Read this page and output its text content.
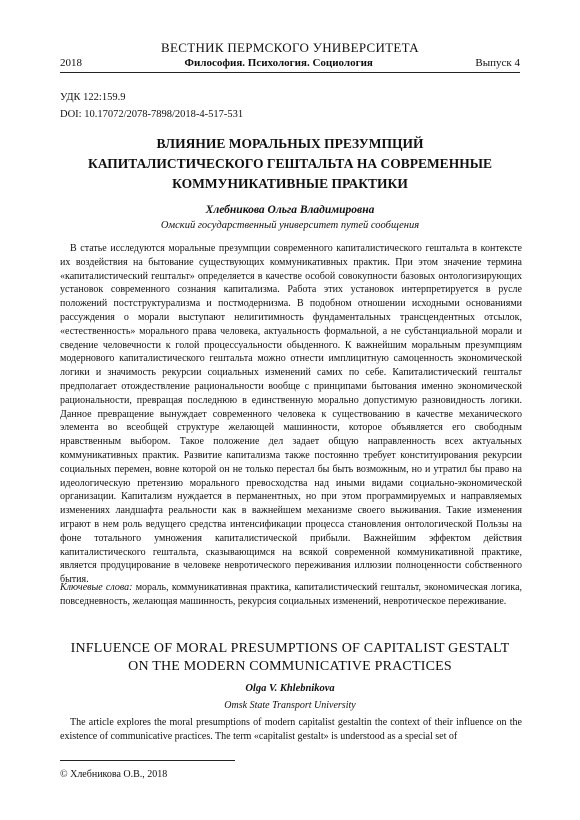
ВЕСТНИК ПЕРМСКОГО УНИВЕРСИТЕТА
2018	Философия. Психология. Социология	Выпуск 4
УДК 122:159.9
DOI: 10.17072/2078-7898/2018-4-517-531
ВЛИЯНИЕ МОРАЛЬНЫХ ПРЕЗУМПЦИЙ КАПИТАЛИСТИЧЕСКОГО ГЕШТАЛЬТА НА СОВРЕМЕННЫЕ КОММУНИКАТИВНЫЕ ПРАКТИКИ
Хлебникова Ольга Владимировна
Омский государственный университет путей сообщения

В статье исследуются моральные презумпции современного капиталистического гештальта в контексте их воздействия на бытование существующих коммуникативных практик. При этом значение термина «капиталистический гештальт» определяется в качестве особой совокупности базовых онтологизирующих установок современного сознания капитализма. Работа этих установок интерпретируется в русле положений постструктурализма и постмодернизма. В подобном отношении исходными основаниями рассуждения о морали выступают нелигитимность фундаментальных трансцендентных отсылок, «естественность» морального права человека, актуальность формальной, а не субстанциальной морали и сведение человечности к голой процессуальности обыденного. К важнейшим моральным презумпциям модернового капиталистического гештальта можно отнести имплицитную самоценность экономической логики и значимость рекурсии социальных изменений самих по себе. Капиталистический гештальт предполагает отождествление рациональности вообще с принципами бытования именно экономической рациональности, превращая последнюю в единственную морально допустимую разновидность логики. Данное превращение вынуждает современного человека к существованию в качестве механического элемента во всеобщей структуре желающей машинности, которое объявляется его свободным нравственным выбором. Такое положение дел задает общую направленность всех актуальных коммуникативных практик. Развитие капитализма также постоянно требует конституирования рекурсии социальных перемен, вовне которой он не только перестал бы быть возможным, но и утратил бы право на идеологическую претензию морального превосходства над иными видами социально-экономической организации. Капитализм нуждается в перманентных, но при этом программируемых и направляемых изменениях ландшафта реальности как в важнейшем механизме своего выживания. Такие изменения играют в нем роль ведущего средства интенсификации процесса становления онтологической Пользы на фоне тотального умножения капиталистической прибыли. Важнейшим эффектом действия капиталистического гештальта, сказывающимся на всякой современной коммуникативной практике, является продуцирование в человеке невротического переживания иллюзии полноценности собственного бытия.

Ключевые слова: мораль, коммуникативная практика, капиталистический гештальт, экономическая логика, повседневность, желающая машинность, рекурсия социальных изменений, невротическое переживание.

INFLUENCE OF MORAL PRESUMPTIONS OF CAPITALIST GESTALT
ON THE MODERN COMMUNICATIVE PRACTICES
Olga V. Khlebnikova
Omsk State Transport University

The article explores the moral presumptions of modern capitalist gestaltin the context of their influence on the existence of communicative practices. The term «capitalist gestalt» is understood as a special set of

© Хлебникова О.В., 2018
